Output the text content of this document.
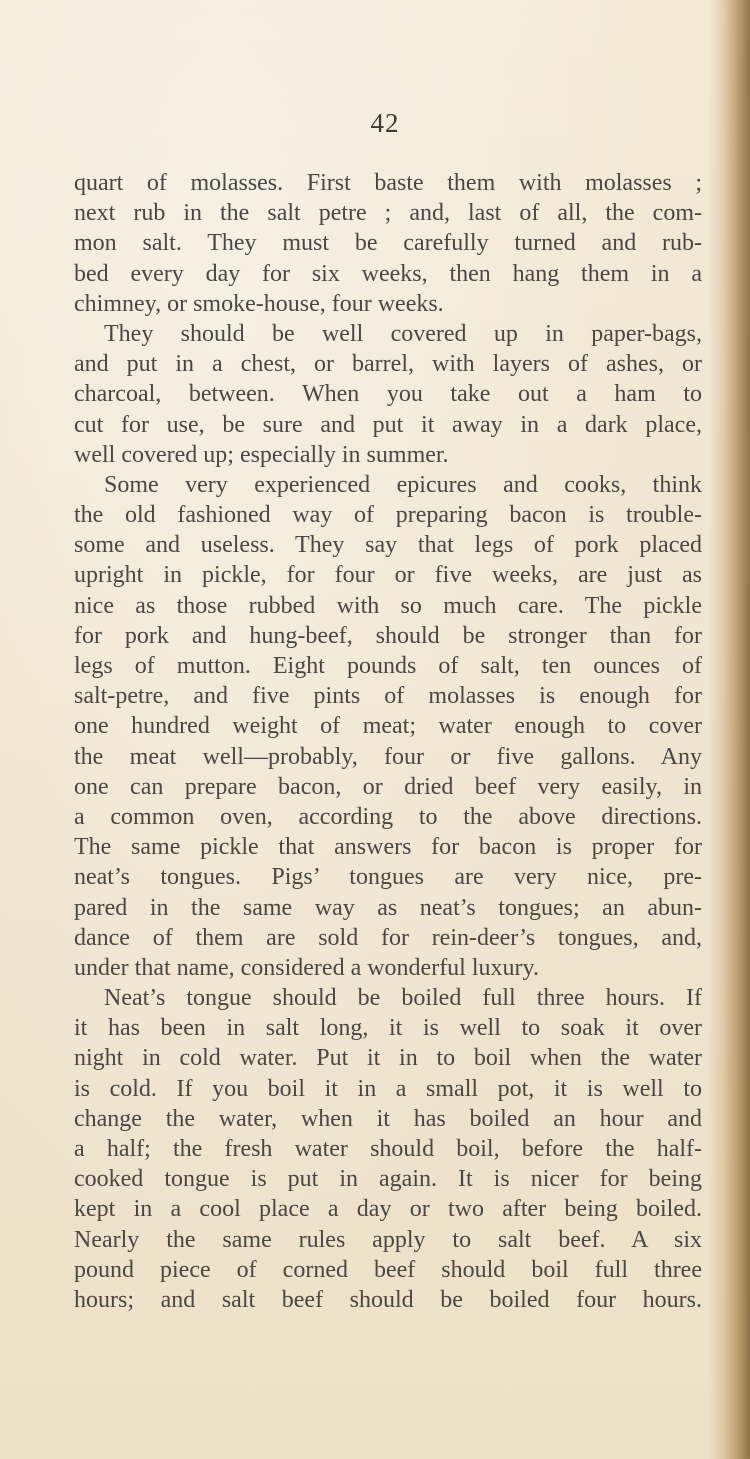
42
quart of molasses. First baste them with molasses ;
next rub in the salt petre ; and, last of all, the com-
mon salt. They must be carefully turned and rub-
bed every day for six weeks, then hang them in a
chimney, or smoke-house, four weeks.
They should be well covered up in paper-bags,
and put in a chest, or barrel, with layers of ashes, or
charcoal, between. When you take out a ham to
cut for use, be sure and put it away in a dark place,
well covered up; especially in summer.
Some very experienced epicures and cooks, think
the old fashioned way of preparing bacon is trouble-
some and useless. They say that legs of pork placed
upright in pickle, for four or five weeks, are just as
nice as those rubbed with so much care. The pickle
for pork and hung-beef, should be stronger than for
legs of mutton. Eight pounds of salt, ten ounces of
salt-petre, and five pints of molasses is enough for
one hundred weight of meat; water enough to cover
the meat well—probably, four or five gallons. Any
one can prepare bacon, or dried beef very easily, in
a common oven, according to the above directions.
The same pickle that answers for bacon is proper for
neat’s tongues. Pigs’ tongues are very nice, pre-
pared in the same way as neat’s tongues; an abun-
dance of them are sold for rein-deer’s tongues, and,
under that name, considered a wonderful luxury.
Neat’s tongue should be boiled full three hours. If
it has been in salt long, it is well to soak it over
night in cold water. Put it in to boil when the water
is cold. If you boil it in a small pot, it is well to
change the water, when it has boiled an hour and
a half; the fresh water should boil, before the half-
cooked tongue is put in again. It is nicer for being
kept in a cool place a day or two after being boiled.
Nearly the same rules apply to salt beef. A six
pound piece of corned beef should boil full three
hours; and salt beef should be boiled four hours.
